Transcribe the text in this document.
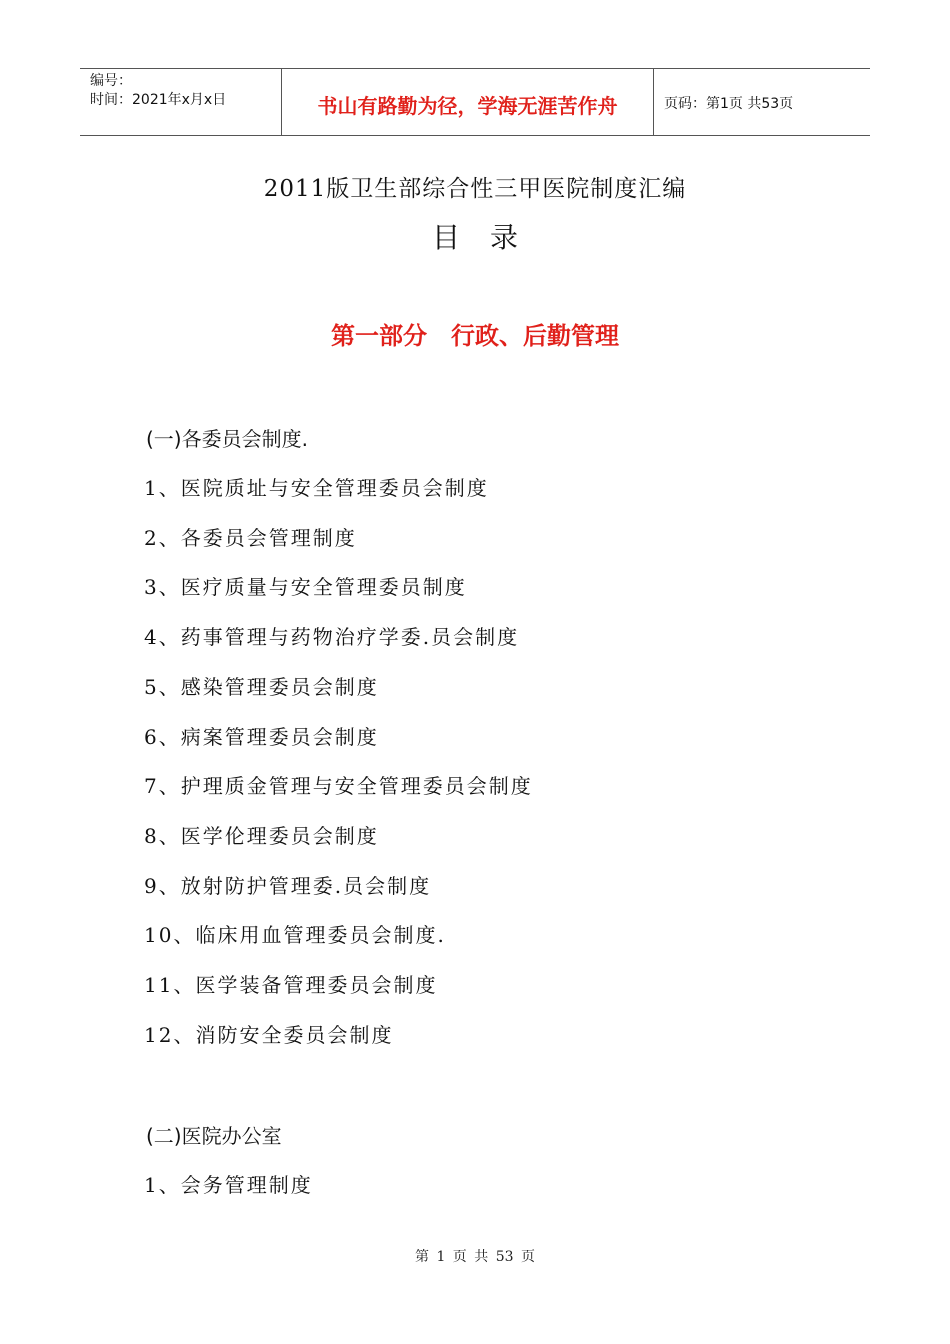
编号：
时间：2021年x月x日	书山有路勤为径，学海无涯苦作舟	页码：第1页 共53页
2011版卫生部综合性三甲医院制度汇编
目录
第一部分　行政、后勤管理
(一)各委员会制度.
1、医院质址与安全管理委员会制度
2、各委员会管理制度
3、医疗质量与安全管理委员制度
4、药事管理与药物治疗学委.员会制度
5、感染管理委员会制度
6、病案管理委员会制度
7、护理质金管理与安全管理委员会制度
8、医学伦理委员会制度
9、放射防护管理委.员会制度
10、临床用血管理委员会制度.
11、医学装备管理委员会制度
12、消防安全委员会制度
(二)医院办公室
1、会务管理制度
第 1 页 共 53 页
